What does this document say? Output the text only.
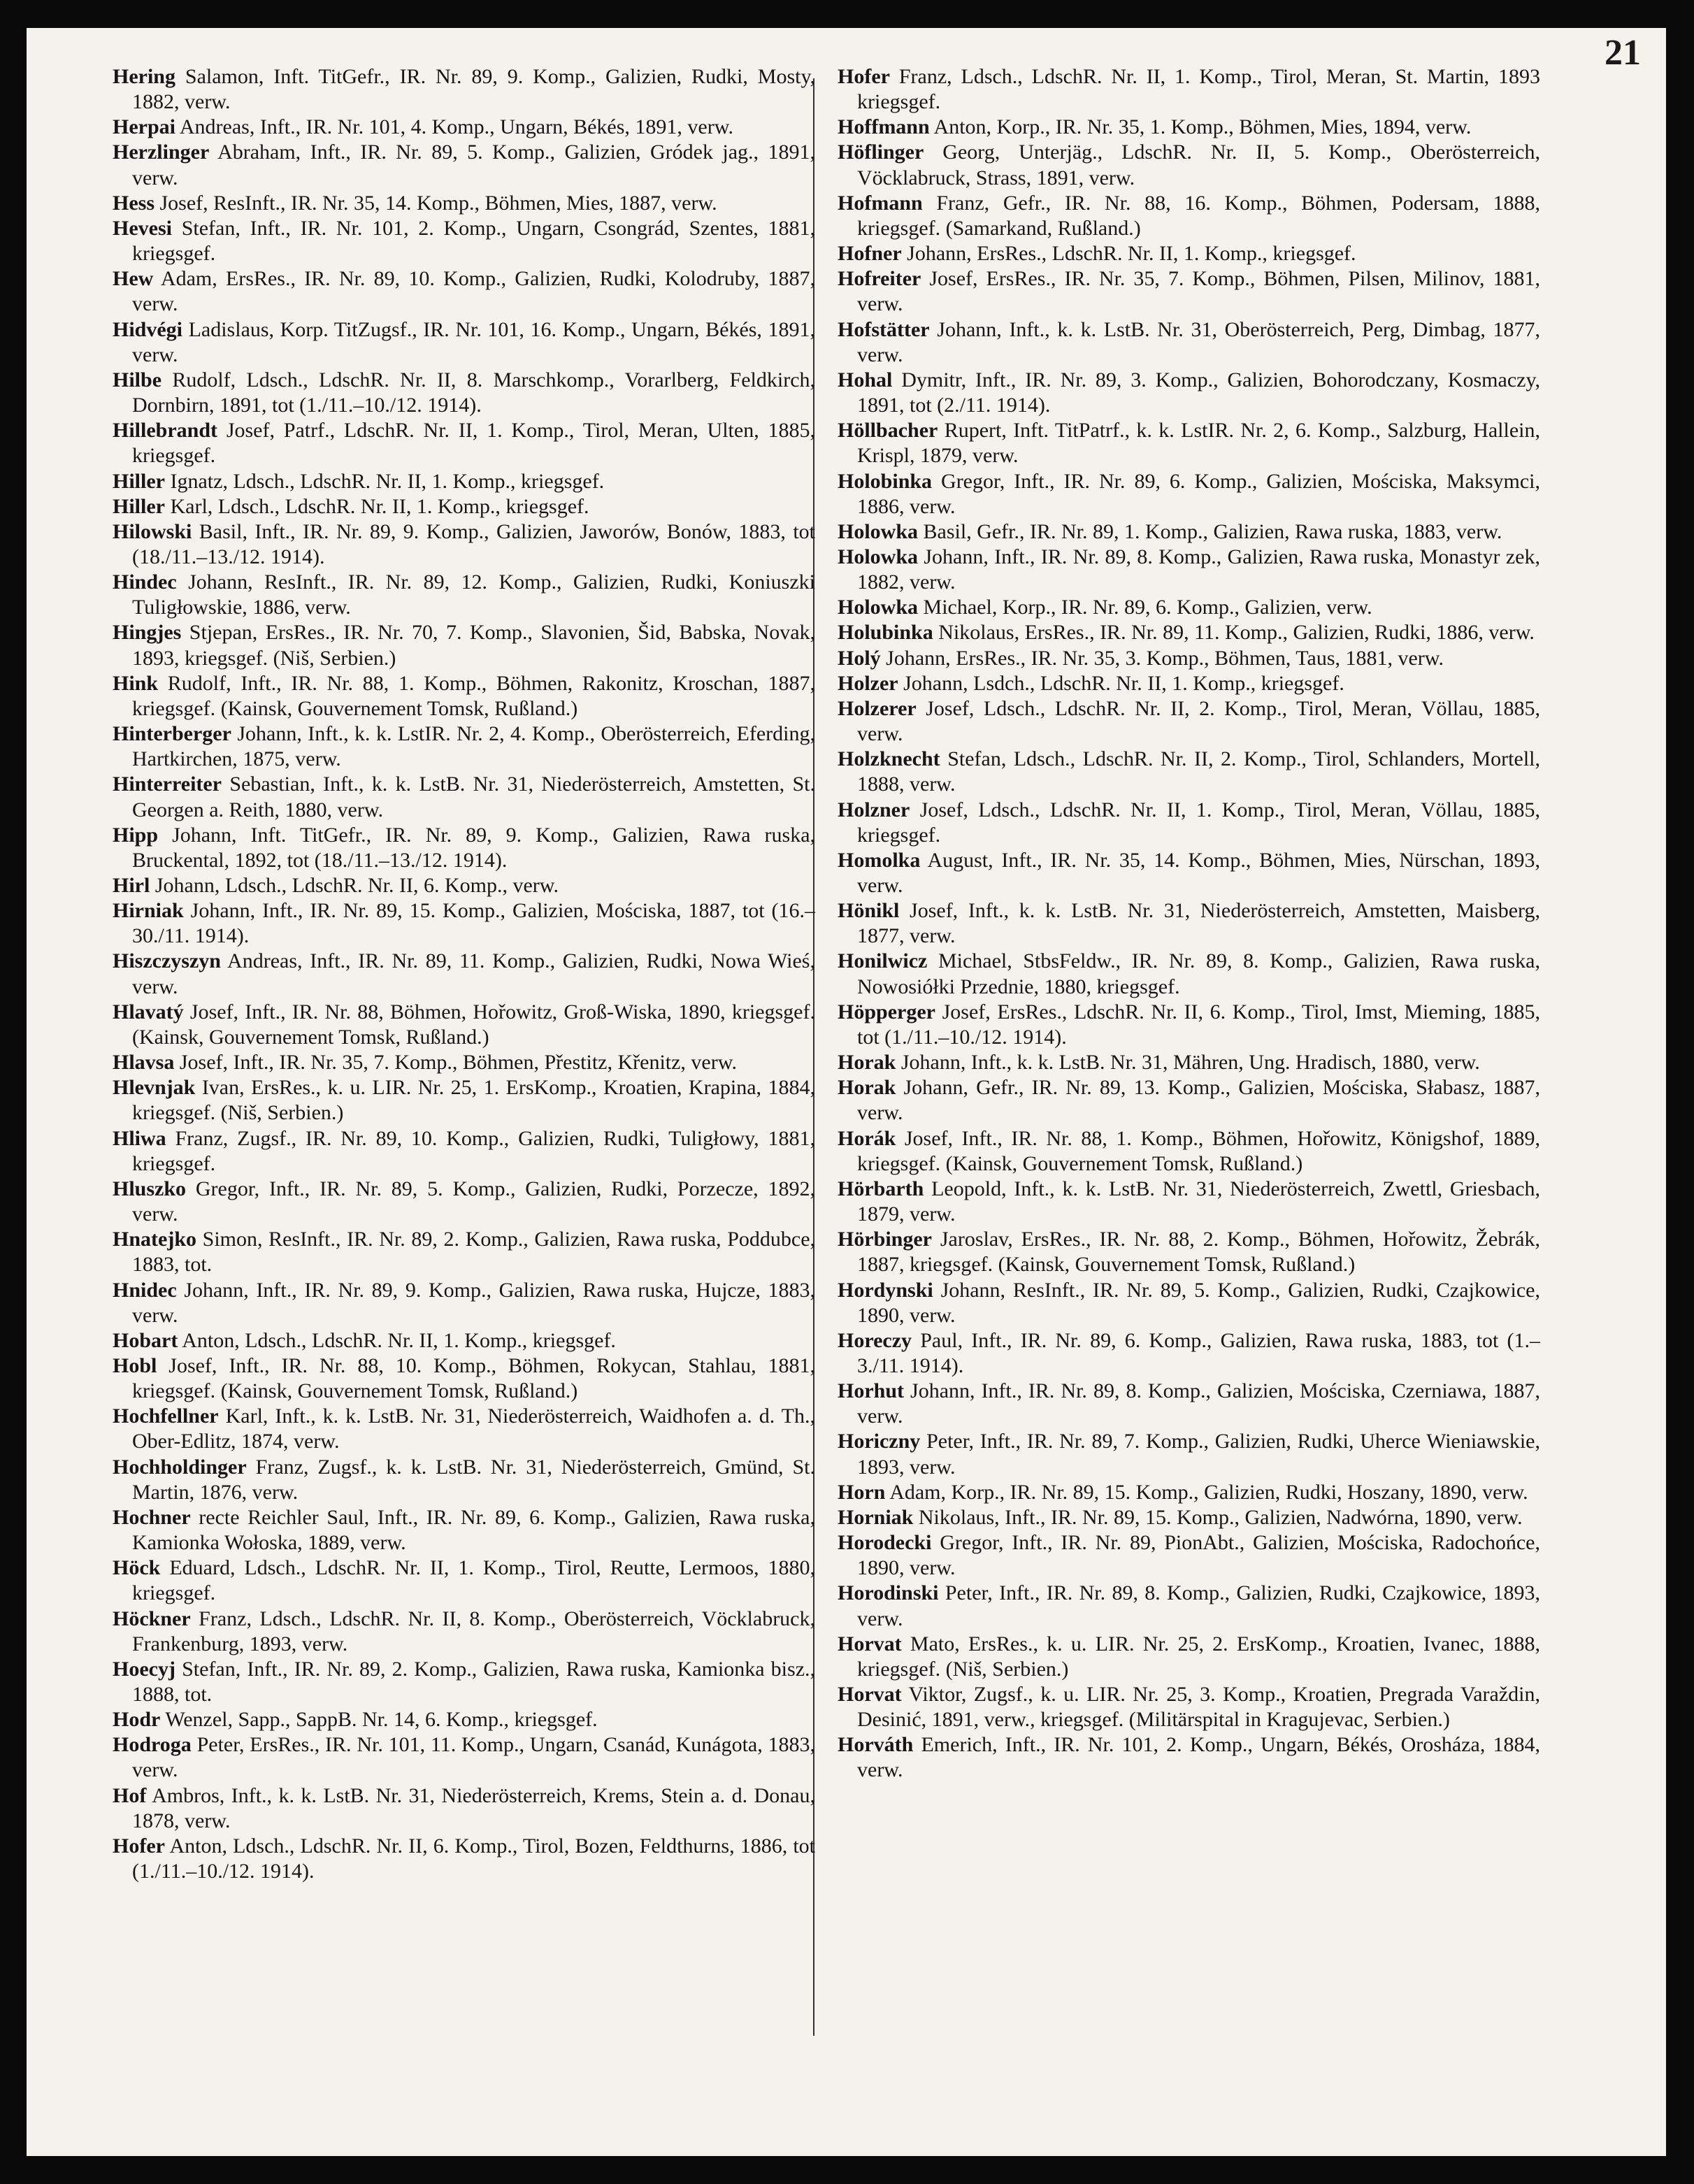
21

Hering Salamon, Inft. TitGefr., IR. Nr. 89, 9. Komp., Galizien, Rudki, Mosty, 1882, verw.

Herpai Andreas, Inft., IR. Nr. 101, 4. Komp., Ungarn, Békés, 1891, verw.

Herzlinger Abraham, Inft., IR. Nr. 89, 5. Komp., Galizien, Gródek jag., 1891, verw.

Hess Josef, ResInft., IR. Nr. 35, 14. Komp., Böhmen, Mies, 1887, verw.

Hevesi Stefan, Inft., IR. Nr. 101, 2. Komp., Ungarn, Csongrád, Szentes, 1881, kriegsgef.

Hew Adam, ErsRes., IR. Nr. 89, 10. Komp., Galizien, Rudki, Kolodruby, 1887, verw.

Hidvégi Ladislaus, Korp. TitZugsf., IR. Nr. 101, 16. Komp., Ungarn, Békés, 1891, verw.

Hilbe Rudolf, Ldsch., LdschR. Nr. II, 8. Marschkomp., Vorarlberg, Feldkirch, Dornbirn, 1891, tot (1./11.–10./12. 1914).

Hillebrandt Josef, Patrf., LdschR. Nr. II, 1. Komp., Tirol, Meran, Ulten, 1885, kriegsgef.

Hiller Ignatz, Ldsch., LdschR. Nr. II, 1. Komp., kriegsgef.

Hiller Karl, Ldsch., LdschR. Nr. II, 1. Komp., kriegsgef.

Hilowski Basil, Inft., IR. Nr. 89, 9. Komp., Galizien, Jaworów, Bonów, 1883, tot (18./11.–13./12. 1914).

Hindec Johann, ResInft., IR. Nr. 89, 12. Komp., Galizien, Rudki, Koniuszki Tuligłowskie, 1886, verw.

Hingjes Stjepan, ErsRes., IR. Nr. 70, 7. Komp., Slavonien, Šid, Babska, Novak, 1893, kriegsgef. (Niš, Serbien.)

Hink Rudolf, Inft., IR. Nr. 88, 1. Komp., Böhmen, Rakonitz, Kroschan, 1887, kriegsgef. (Kainsk, Gouvernement Tomsk, Rußland.)

Hinterberger Johann, Inft., k. k. LstIR. Nr. 2, 4. Komp., Oberösterreich, Eferding, Hartkirchen, 1875, verw.

Hinterreiter Sebastian, Inft., k. k. LstB. Nr. 31, Niederösterreich, Amstetten, St. Georgen a. Reith, 1880, verw.

Hipp Johann, Inft. TitGefr., IR. Nr. 89, 9. Komp., Galizien, Rawa ruska, Bruckental, 1892, tot (18./11.–13./12. 1914).

Hirl Johann, Ldsch., LdschR. Nr. II, 6. Komp., verw.

Hirniak Johann, Inft., IR. Nr. 89, 15. Komp., Galizien, Mościska, 1887, tot (16.–30./11. 1914).

Hiszczyszyn Andreas, Inft., IR. Nr. 89, 11. Komp., Galizien, Rudki, Nowa Wieś, verw.

Hlavatý Josef, Inft., IR. Nr. 88, Böhmen, Hořowitz, Groß-Wiska, 1890, kriegsgef. (Kainsk, Gouvernement Tomsk, Rußland.)

Hlavsa Josef, Inft., IR. Nr. 35, 7. Komp., Böhmen, Přestitz, Křenitz, verw.

Hlevnjak Ivan, ErsRes., k. u. LIR. Nr. 25, 1. ErsKomp., Kroatien, Krapina, 1884, kriegsgef. (Niš, Serbien.)

Hliwa Franz, Zugsf., IR. Nr. 89, 10. Komp., Galizien, Rudki, Tuligłowy, 1881, kriegsgef.

Hluszko Gregor, Inft., IR. Nr. 89, 5. Komp., Galizien, Rudki, Porzecze, 1892, verw.

Hnatejko Simon, ResInft., IR. Nr. 89, 2. Komp., Galizien, Rawa ruska, Poddubce, 1883, tot.

Hnidec Johann, Inft., IR. Nr. 89, 9. Komp., Galizien, Rawa ruska, Hujcze, 1883, verw.

Hobart Anton, Ldsch., LdschR. Nr. II, 1. Komp., kriegsgef.

Hobl Josef, Inft., IR. Nr. 88, 10. Komp., Böhmen, Rokycan, Stahlau, 1881, kriegsgef. (Kainsk, Gouvernement Tomsk, Rußland.)

Hochfellner Karl, Inft., k. k. LstB. Nr. 31, Niederösterreich, Waidhofen a. d. Th., Ober-Edlitz, 1874, verw.

Hochholdinger Franz, Zugsf., k. k. LstB. Nr. 31, Niederösterreich, Gmünd, St. Martin, 1876, verw.

Hochner recte Reichler Saul, Inft., IR. Nr. 89, 6. Komp., Galizien, Rawa ruska, Kamionka Wołoska, 1889, verw.

Höck Eduard, Ldsch., LdschR. Nr. II, 1. Komp., Tirol, Reutte, Lermoos, 1880, kriegsgef.

Höckner Franz, Ldsch., LdschR. Nr. II, 8. Komp., Oberösterreich, Vöcklabruck, Frankenburg, 1893, verw.

Hoecyj Stefan, Inft., IR. Nr. 89, 2. Komp., Galizien, Rawa ruska, Kamionka bisz., 1888, tot.

Hodr Wenzel, Sapp., SappB. Nr. 14, 6. Komp., kriegsgef.

Hodroga Peter, ErsRes., IR. Nr. 101, 11. Komp., Ungarn, Csanád, Kunágota, 1883, verw.

Hof Ambros, Inft., k. k. LstB. Nr. 31, Niederösterreich, Krems, Stein a. d. Donau, 1878, verw.

Hofer Anton, Ldsch., LdschR. Nr. II, 6. Komp., Tirol, Bozen, Feldthurns, 1886, tot (1./11.–10./12. 1914).

Hofer Franz, Ldsch., LdschR. Nr. II, 1. Komp., Tirol, Meran, St. Martin, 1893 kriegsgef.

Hoffmann Anton, Korp., IR. Nr. 35, 1. Komp., Böhmen, Mies, 1894, verw.

Höflinger Georg, Unterjäg., LdschR. Nr. II, 5. Komp., Oberösterreich, Vöcklabruck, Strass, 1891, verw.

Hofmann Franz, Gefr., IR. Nr. 88, 16. Komp., Böhmen, Podersam, 1888, kriegsgef. (Samarkand, Rußland.)

Hofner Johann, ErsRes., LdschR. Nr. II, 1. Komp., kriegsgef.

Hofreiter Josef, ErsRes., IR. Nr. 35, 7. Komp., Böhmen, Pilsen, Milinov, 1881, verw.

Hofstätter Johann, Inft., k. k. LstB. Nr. 31, Oberösterreich, Perg, Dimbag, 1877, verw.

Hohal Dymitr, Inft., IR. Nr. 89, 3. Komp., Galizien, Bohorodczany, Kosmaczy, 1891, tot (2./11. 1914).

Höllbacher Rupert, Inft. TitPatrf., k. k. LstIR. Nr. 2, 6. Komp., Salzburg, Hallein, Krispl, 1879, verw.

Holobinka Gregor, Inft., IR. Nr. 89, 6. Komp., Galizien, Mościska, Maksymci, 1886, verw.

Holowka Basil, Gefr., IR. Nr. 89, 1. Komp., Galizien, Rawa ruska, 1883, verw.

Holowka Johann, Inft., IR. Nr. 89, 8. Komp., Galizien, Rawa ruska, Monastyr zek, 1882, verw.

Holowka Michael, Korp., IR. Nr. 89, 6. Komp., Galizien, verw.

Holubinka Nikolaus, ErsRes., IR. Nr. 89, 11. Komp., Galizien, Rudki, 1886, verw.

Holý Johann, ErsRes., IR. Nr. 35, 3. Komp., Böhmen, Taus, 1881, verw.

Holzer Johann, Lsdch., LdschR. Nr. II, 1. Komp., kriegsgef.

Holzerer Josef, Ldsch., LdschR. Nr. II, 2. Komp., Tirol, Meran, Völlau, 1885, verw.

Holzknecht Stefan, Ldsch., LdschR. Nr. II, 2. Komp., Tirol, Schlanders, Mortell, 1888, verw.

Holzner Josef, Ldsch., LdschR. Nr. II, 1. Komp., Tirol, Meran, Völlau, 1885, kriegsgef.

Homolka August, Inft., IR. Nr. 35, 14. Komp., Böhmen, Mies, Nürschan, 1893, verw.

Hönikl Josef, Inft., k. k. LstB. Nr. 31, Niederösterreich, Amstetten, Maisberg, 1877, verw.

Honilwicz Michael, StbsFeldw., IR. Nr. 89, 8. Komp., Galizien, Rawa ruska, Nowosiółki Przednie, 1880, kriegsgef.

Höpperger Josef, ErsRes., LdschR. Nr. II, 6. Komp., Tirol, Imst, Mieming, 1885, tot (1./11.–10./12. 1914).

Horak Johann, Inft., k. k. LstB. Nr. 31, Mähren, Ung. Hradisch, 1880, verw.

Horak Johann, Gefr., IR. Nr. 89, 13. Komp., Galizien, Mościska, Słabasz, 1887, verw.

Horák Josef, Inft., IR. Nr. 88, 1. Komp., Böhmen, Hořowitz, Königshof, 1889, kriegsgef. (Kainsk, Gouvernement Tomsk, Rußland.)

Hörbarth Leopold, Inft., k. k. LstB. Nr. 31, Niederösterreich, Zwettl, Griesbach, 1879, verw.

Hörbinger Jaroslav, ErsRes., IR. Nr. 88, 2. Komp., Böhmen, Hořowitz, Žebrák, 1887, kriegsgef. (Kainsk, Gouvernement Tomsk, Rußland.)

Hordynski Johann, ResInft., IR. Nr. 89, 5. Komp., Galizien, Rudki, Czajkowice, 1890, verw.

Horeczy Paul, Inft., IR. Nr. 89, 6. Komp., Galizien, Rawa ruska, 1883, tot (1.–3./11. 1914).

Horhut Johann, Inft., IR. Nr. 89, 8. Komp., Galizien, Mościska, Czerniawa, 1887, verw.

Horiczny Peter, Inft., IR. Nr. 89, 7. Komp., Galizien, Rudki, Uherce Wieniawskie, 1893, verw.

Horn Adam, Korp., IR. Nr. 89, 15. Komp., Galizien, Rudki, Hoszany, 1890, verw.

Horniak Nikolaus, Inft., IR. Nr. 89, 15. Komp., Galizien, Nadwórna, 1890, verw.

Horodecki Gregor, Inft., IR. Nr. 89, PionAbt., Galizien, Mościska, Radochońce, 1890, verw.

Horodinski Peter, Inft., IR. Nr. 89, 8. Komp., Galizien, Rudki, Czajkowice, 1893, verw.

Horvat Mato, ErsRes., k. u. LIR. Nr. 25, 2. ErsKomp., Kroatien, Ivanec, 1888, kriegsgef. (Niš, Serbien.)

Horvat Viktor, Zugsf., k. u. LIR. Nr. 25, 3. Komp., Kroatien, Pregrada Varaždin, Desinić, 1891, verw., kriegsgef. (Militärspital in Kragujevac, Serbien.)

Horváth Emerich, Inft., IR. Nr. 101, 2. Komp., Ungarn, Békés, Orosháza, 1884, verw.
